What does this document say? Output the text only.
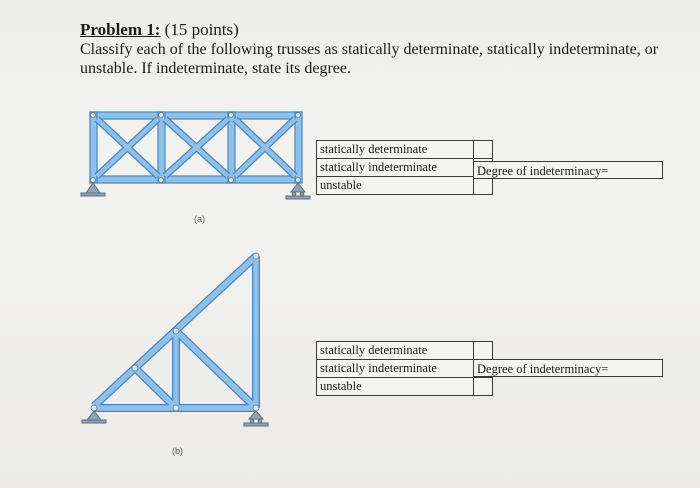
Problem 1: (15 points)
Classify each of the following trusses as statically determinate, statically indeterminate, or unstable. If indeterminate, state its degree.
(a)
statically determinate	
statically indeterminate	
unstable	
Degree of indeterminacy=
(b)
statically determinate	
statically indeterminate	
unstable	
Degree of indeterminacy=
